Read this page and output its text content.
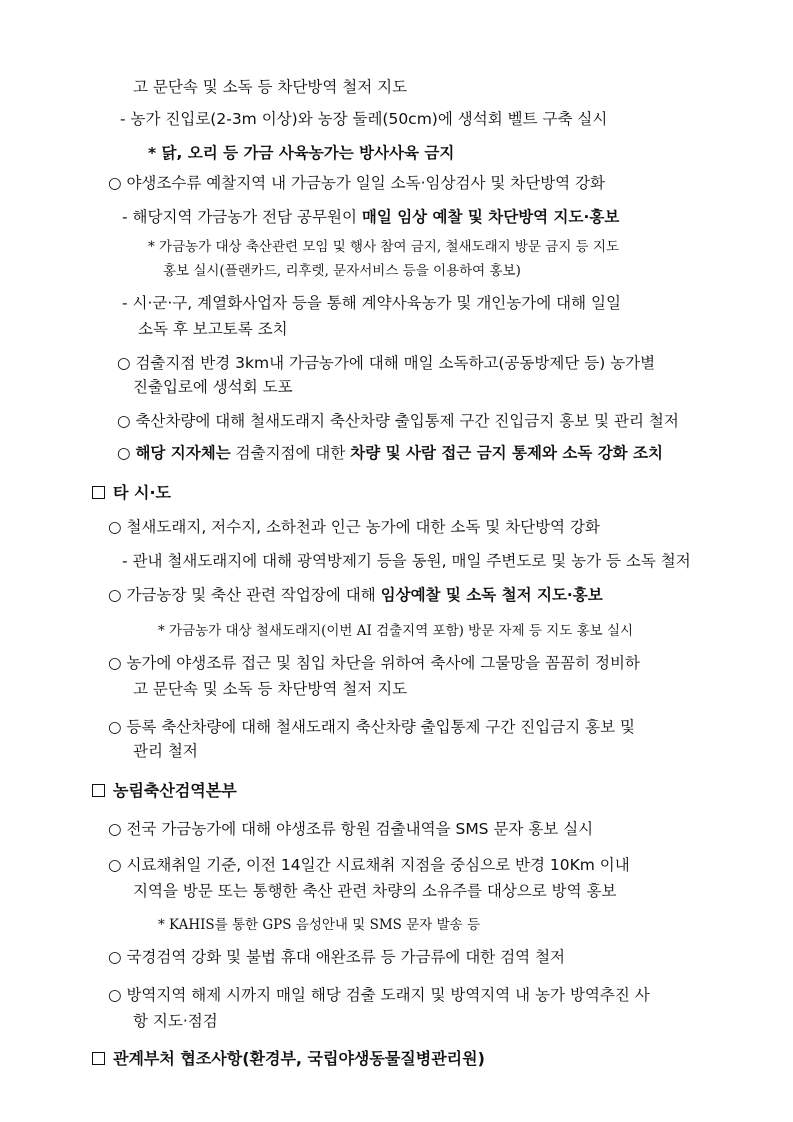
고 문단속 및 소독 등 차단방역 철저 지도
- 농가 진입로(2-3m 이상)와 농장 둘레(50cm)에 생석회 벨트 구축 실시
* 닭, 오리 등 가금 사육농가는 방사사육 금지
○ 야생조수류 예찰지역 내 가금농가 일일 소독·임상검사 및 차단방역 강화
- 해당지역 가금농가 전담 공무원이 매일 임상 예찰 및 차단방역 지도·홍보
* 가금농가 대상 축산관련 모임 및 행사 참여 금지, 철새도래지 방문 금지 등 지도
홍보 실시(플랜카드, 리후렛, 문자서비스 등을 이용하여 홍보)
- 시·군·구, 계열화사업자 등을 통해 계약사육농가 및 개인농가에 대해 일일
소독 후 보고토록 조치
○ 검출지점 반경 3km내 가금농가에 대해 매일 소독하고(공동방제단 등) 농가별
진출입로에 생석회 도포
○ 축산차량에 대해 철새도래지 축산차량 출입통제 구간 진입금지 홍보 및 관리 철저
○ 해당 지자체는 검출지점에 대한 차량 및 사람 접근 금지 통제와 소독 강화 조치
타 시·도
○ 철새도래지, 저수지, 소하천과 인근 농가에 대한 소독 및 차단방역 강화
- 관내 철새도래지에 대해 광역방제기 등을 동원, 매일 주변도로 및 농가 등 소독 철저
○ 가금농장 및 축산 관련 작업장에 대해 임상예찰 및 소독 철저 지도·홍보
* 가금농가 대상 철새도래지(이번 AI 검출지역 포함) 방문 자제 등 지도 홍보 실시
○ 농가에 야생조류 접근 및 침입 차단을 위하여 축사에 그물망을 꼼꼼히 정비하
고 문단속 및 소독 등 차단방역 철저 지도
○ 등록 축산차량에 대해 철새도래지 축산차량 출입통제 구간 진입금지 홍보 및
관리 철저
농림축산검역본부
○ 전국 가금농가에 대해 야생조류 항원 검출내역을 SMS 문자 홍보 실시
○ 시료채취일 기준, 이전 14일간 시료채취 지점을 중심으로 반경 10Km 이내
지역을 방문 또는 통행한 축산 관련 차량의 소유주를 대상으로 방역 홍보
* KAHIS를 통한 GPS 음성안내 및 SMS 문자 발송 등
○ 국경검역 강화 및 불법 휴대 애완조류 등 가금류에 대한 검역 철저
○ 방역지역 해제 시까지 매일 해당 검출 도래지 및 방역지역 내 농가 방역추진 사
항 지도·점검
관계부처 협조사항(환경부, 국립야생동물질병관리원)
